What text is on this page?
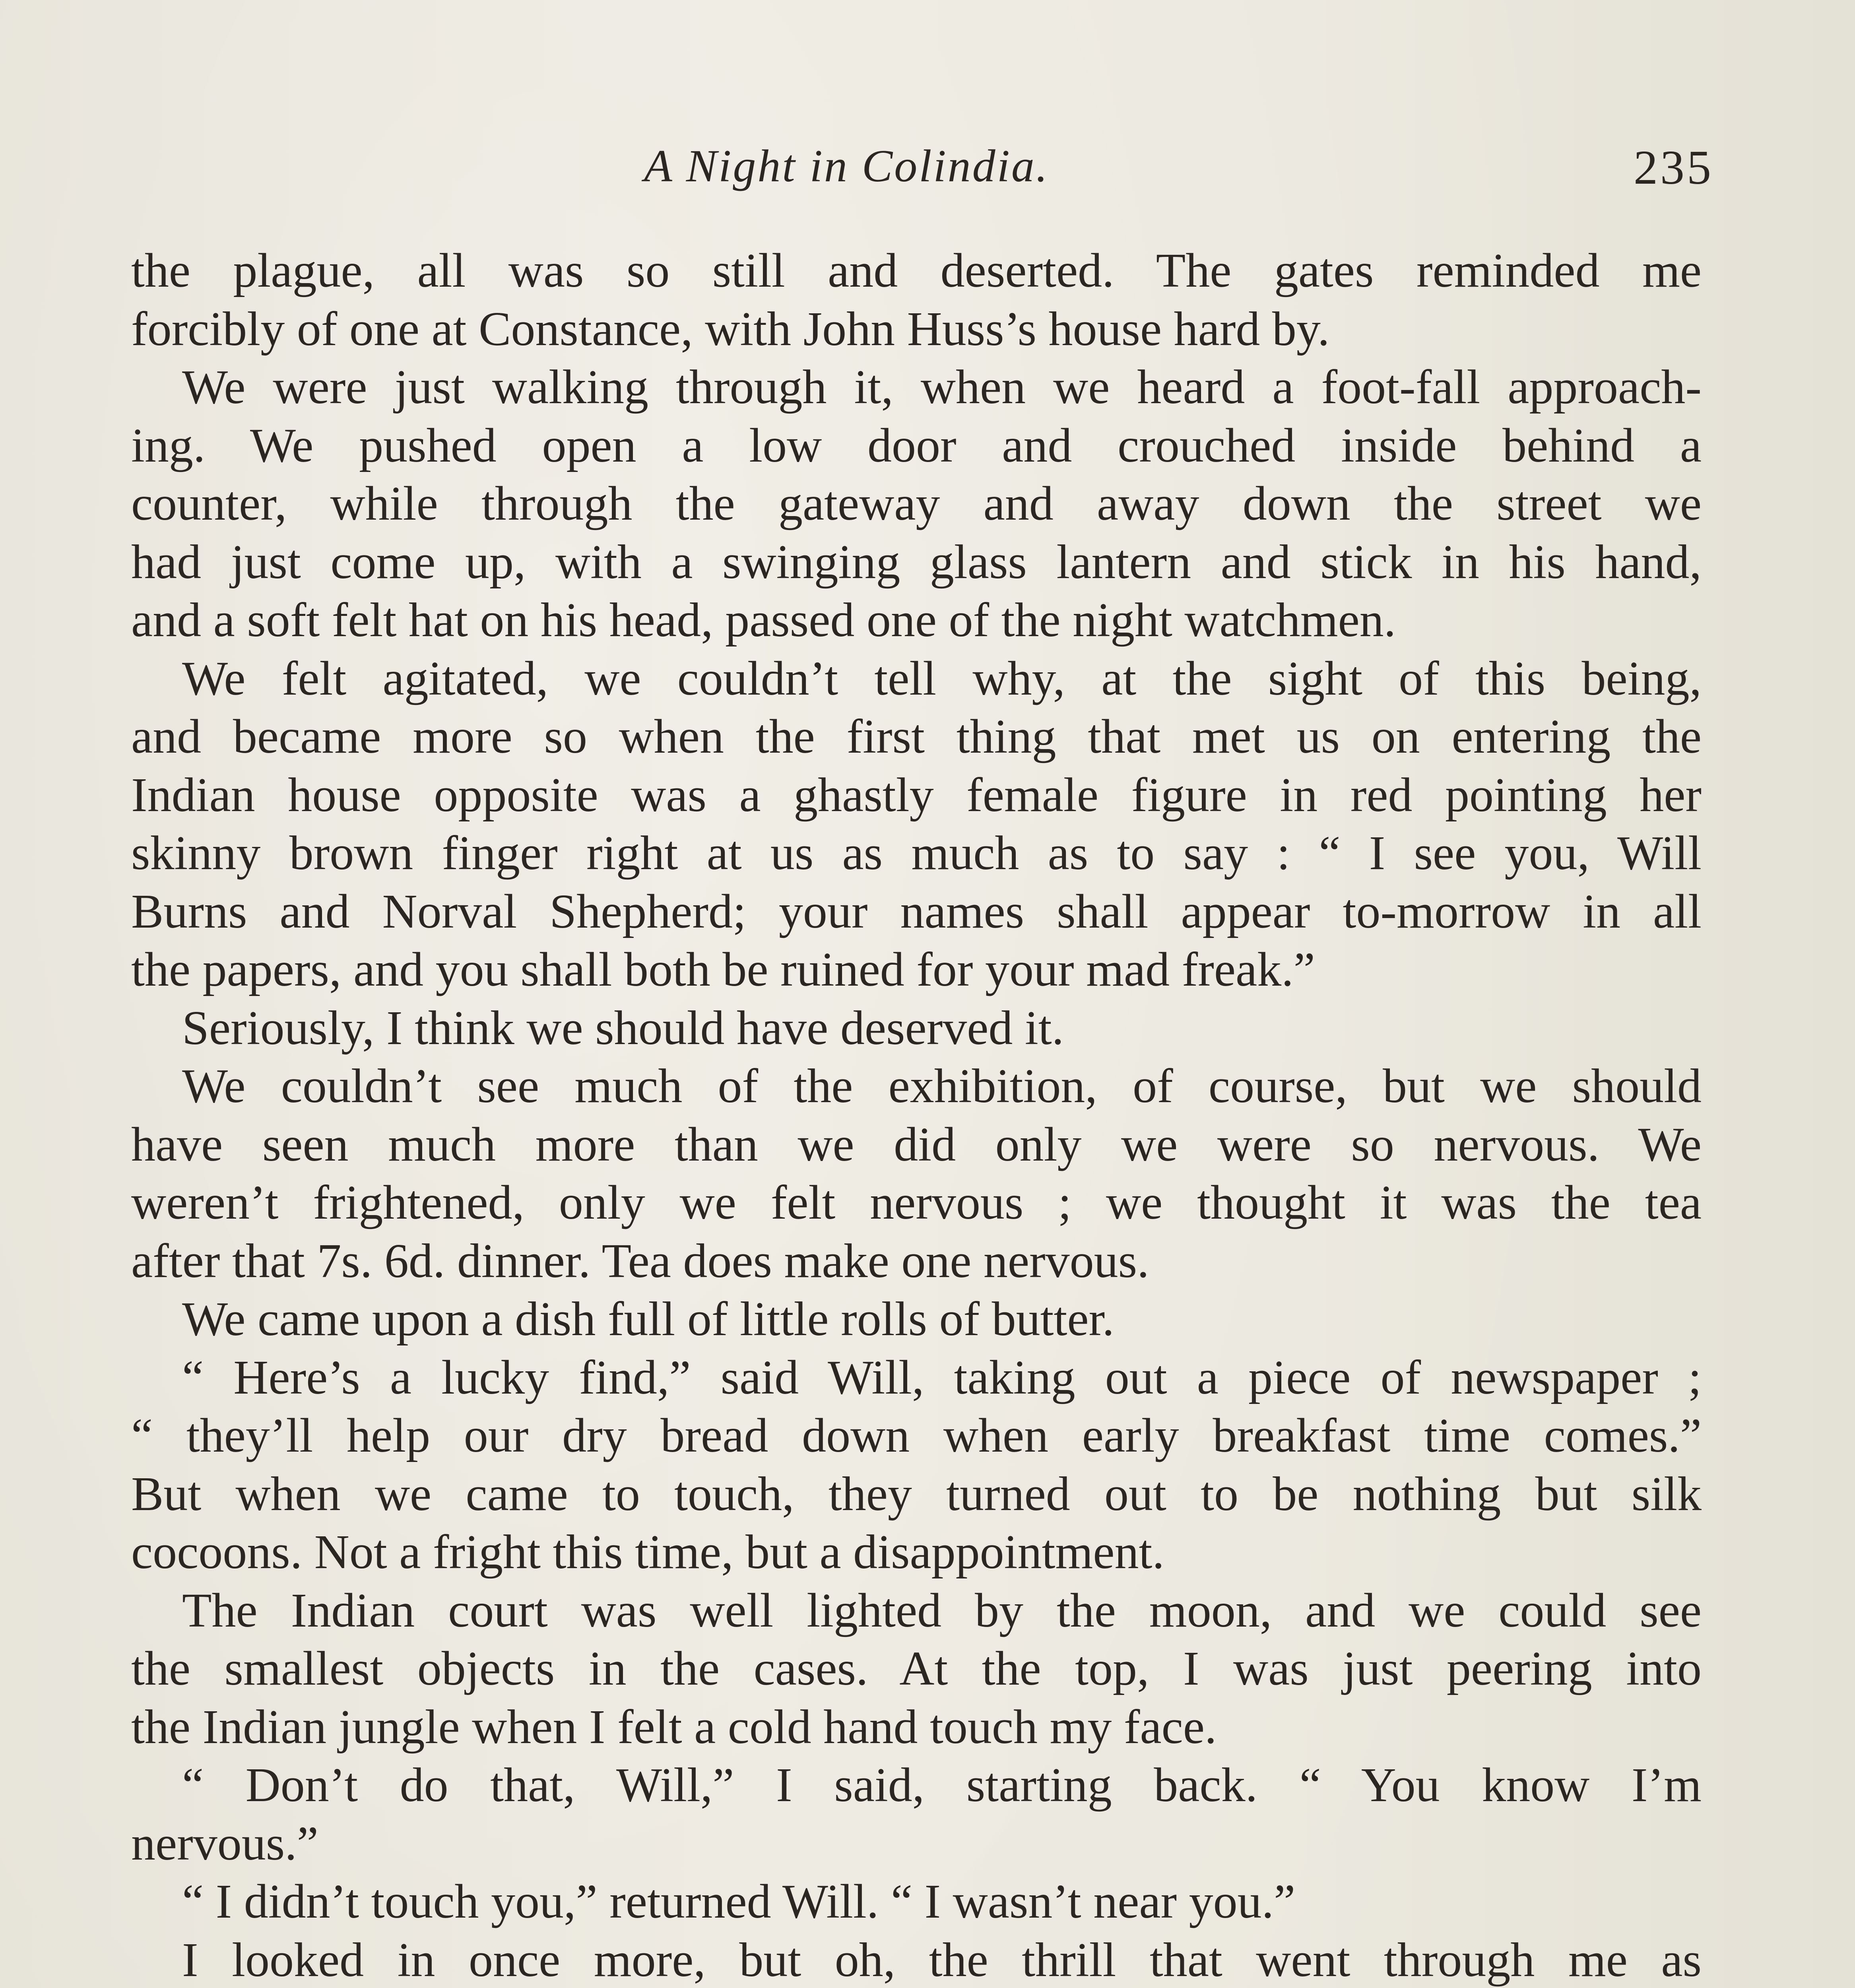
A Night in Colindia.	235
the plague, all was so still and deserted. The gates reminded me
forcibly of one at Constance, with John Huss’s house hard by.
We were just walking through it, when we heard a foot-fall approach-
ing. We pushed open a low door and crouched inside behind a
counter, while through the gateway and away down the street we
had just come up, with a swinging glass lantern and stick in his hand,
and a soft felt hat on his head, passed one of the night watchmen.
We felt agitated, we couldn’t tell why, at the sight of this being,
and became more so when the first thing that met us on entering the
Indian house opposite was a ghastly female figure in red pointing her
skinny brown finger right at us as much as to say : “ I see you, Will
Burns and Norval Shepherd; your names shall appear to-morrow in all
the papers, and you shall both be ruined for your mad freak.”
Seriously, I think we should have deserved it.
We couldn’t see much of the exhibition, of course, but we should
have seen much more than we did only we were so nervous. We
weren’t frightened, only we felt nervous ; we thought it was the tea
after that 7s. 6d. dinner. Tea does make one nervous.
We came upon a dish full of little rolls of butter.
“ Here’s a lucky find,” said Will, taking out a piece of newspaper ;
“ they’ll help our dry bread down when early breakfast time comes.”
But when we came to touch, they turned out to be nothing but silk
cocoons. Not a fright this time, but a disappointment.
The Indian court was well lighted by the moon, and we could see
the smallest objects in the cases. At the top, I was just peering into
the Indian jungle when I felt a cold hand touch my face.
“ Don’t do that, Will,” I said, starting back. “ You know I’m
nervous.”
“ I didn’t touch you,” returned Will. “ I wasn’t near you.”
I looked in once more, but oh, the thrill that went through me as
